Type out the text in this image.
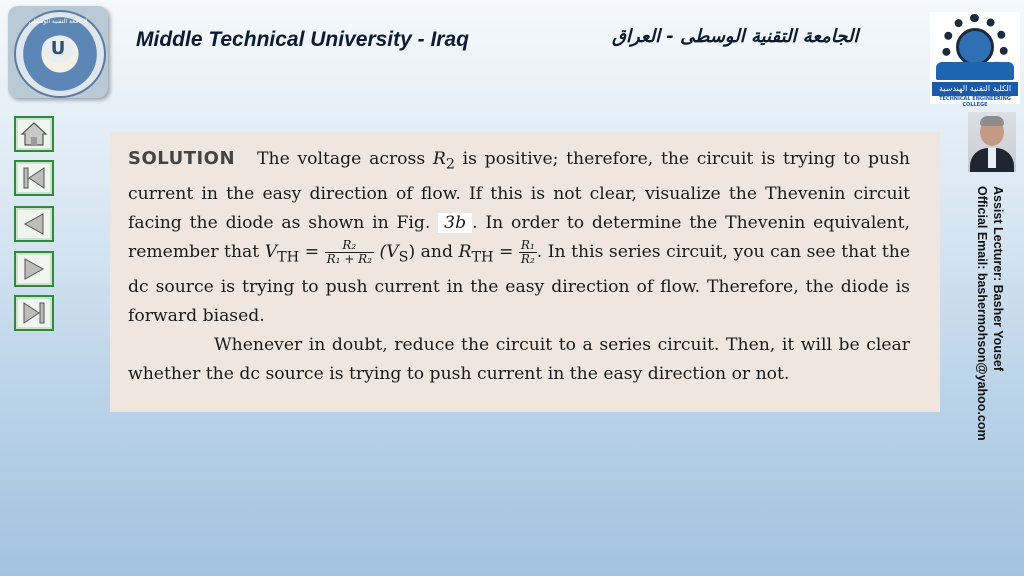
الجامعة التقنية الوسطى
U	Middle Technical University - Iraq	الجامعة التقنية الوسطى - العراق
الكلية التقنية الهندسية
TECHNICAL ENGINEERING COLLEGE
Assist Lecturer: Basher Yousef
Official Email: bashermohson@yahoo.com

SOLUTION The voltage across $R_2$ is positive; therefore, the circuit is trying to push current in the easy direction of flow. If this is not clear, visualize the Thevenin circuit facing the diode as shown in Fig. 3b . In order to determine the Thevenin equivalent, remember that $V_{TH} = \frac{\text{R₂}}{\text{R₁ + R₂}} (V_S)$ and $R_{TH} = \frac{\text{R₁}}{\text{R₂}}$ . In this series circuit, you can see that the dc source is trying to push current in the easy direction of flow. Therefore, the diode is forward biased.

Whenever in doubt, reduce the circuit to a series circuit. Then, it will be clear whether the dc source is trying to push current in the easy direction or not.
